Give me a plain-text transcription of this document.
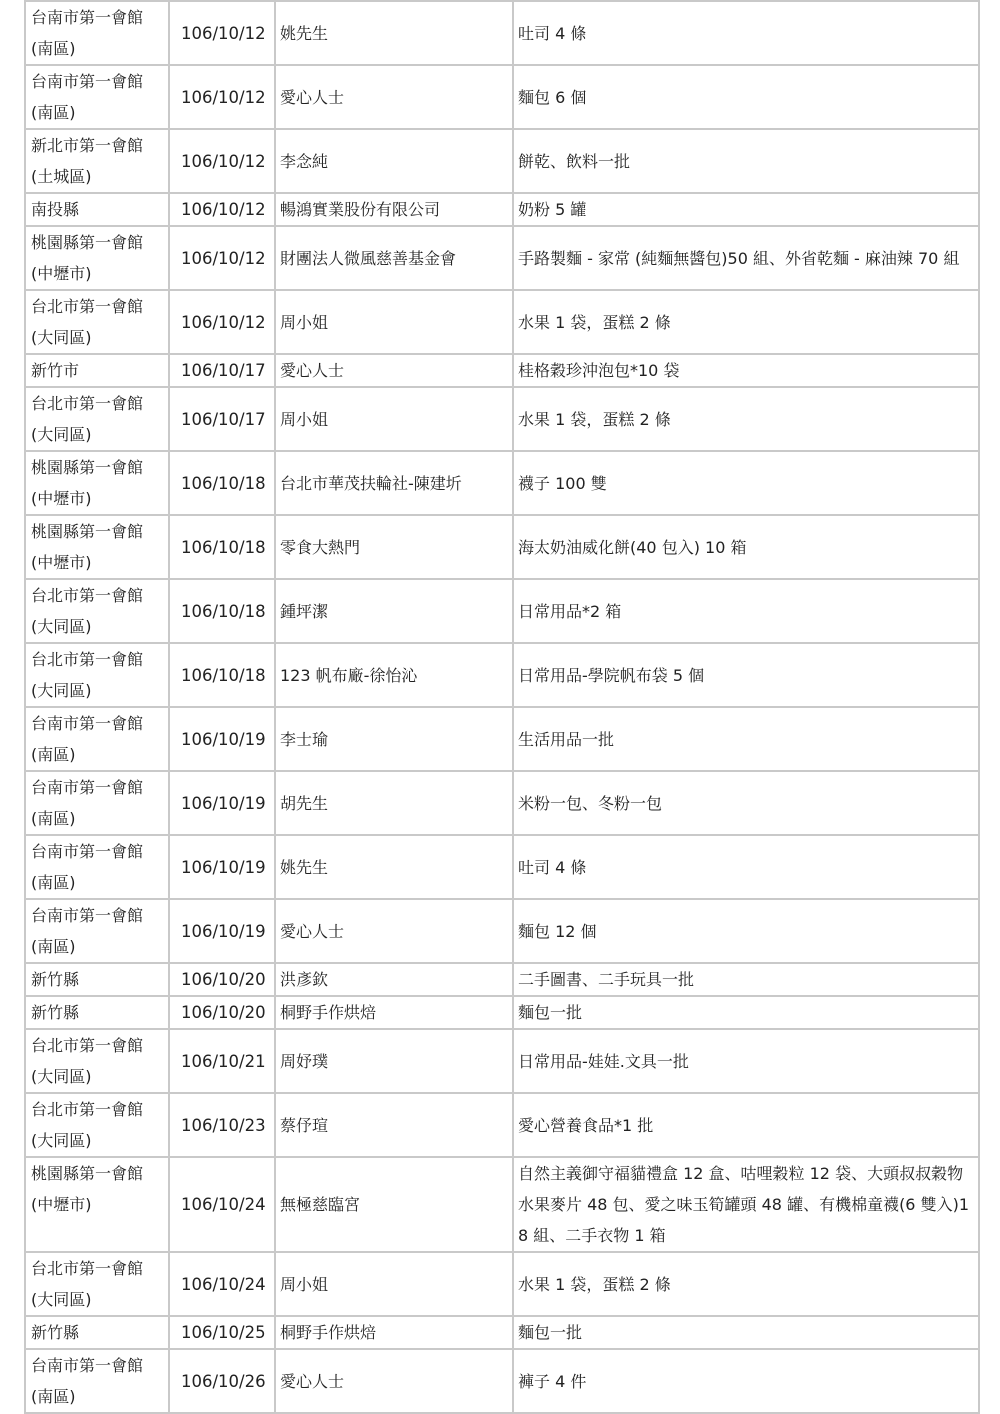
台南市第一會館
(南區)	106/10/12	姚先生	吐司 4 條
台南市第一會館
(南區)	106/10/12	愛心人士	麵包 6 個
新北市第一會館
(土城區)	106/10/12	李念純	餅乾、飲料一批
南投縣	106/10/12	暢鴻實業股份有限公司	奶粉 5 罐
桃園縣第一會館
(中壢市)	106/10/12	財團法人微風慈善基金會	手路製麵 - 家常 (純麵無醬包)50 組、外省乾麵 - 麻油辣 70 組
台北市第一會館
(大同區)	106/10/12	周小姐	水果 1 袋，蛋糕 2 條
新竹市	106/10/17	愛心人士	桂格穀珍沖泡包*10 袋
台北市第一會館
(大同區)	106/10/17	周小姐	水果 1 袋，蛋糕 2 條
桃園縣第一會館
(中壢市)	106/10/18	台北市華茂扶輪社-陳建圻	襪子 100 雙
桃園縣第一會館
(中壢市)	106/10/18	零食大熱門	海太奶油威化餅(40 包入) 10 箱
台北市第一會館
(大同區)	106/10/18	鍾坪潔	日常用品*2 箱
台北市第一會館
(大同區)	106/10/18	123 帆布廠-徐怡沁	日常用品-學院帆布袋 5 個
台南市第一會館
(南區)	106/10/19	李士瑜	生活用品一批
台南市第一會館
(南區)	106/10/19	胡先生	米粉一包、冬粉一包
台南市第一會館
(南區)	106/10/19	姚先生	吐司 4 條
台南市第一會館
(南區)	106/10/19	愛心人士	麵包 12 個
新竹縣	106/10/20	洪彥欽	二手圖書、二手玩具一批
新竹縣	106/10/20	桐野手作烘焙	麵包一批
台北市第一會館
(大同區)	106/10/21	周妤璞	日常用品-娃娃.文具一批
台北市第一會館
(大同區)	106/10/23	蔡伃瑄	愛心營養食品*1 批
桃園縣第一會館
(中壢市)	106/10/24	無極慈臨宮	自然主義御守福貓禮盒 12 盒、咕哩穀粒 12 袋、大頭叔叔穀物水果麥片 48 包、愛之味玉筍罐頭 48 罐、有機棉童襪(6 雙入)18 組、二手衣物 1 箱
台北市第一會館
(大同區)	106/10/24	周小姐	水果 1 袋，蛋糕 2 條
新竹縣	106/10/25	桐野手作烘焙	麵包一批
台南市第一會館
(南區)	106/10/26	愛心人士	褲子 4 件
